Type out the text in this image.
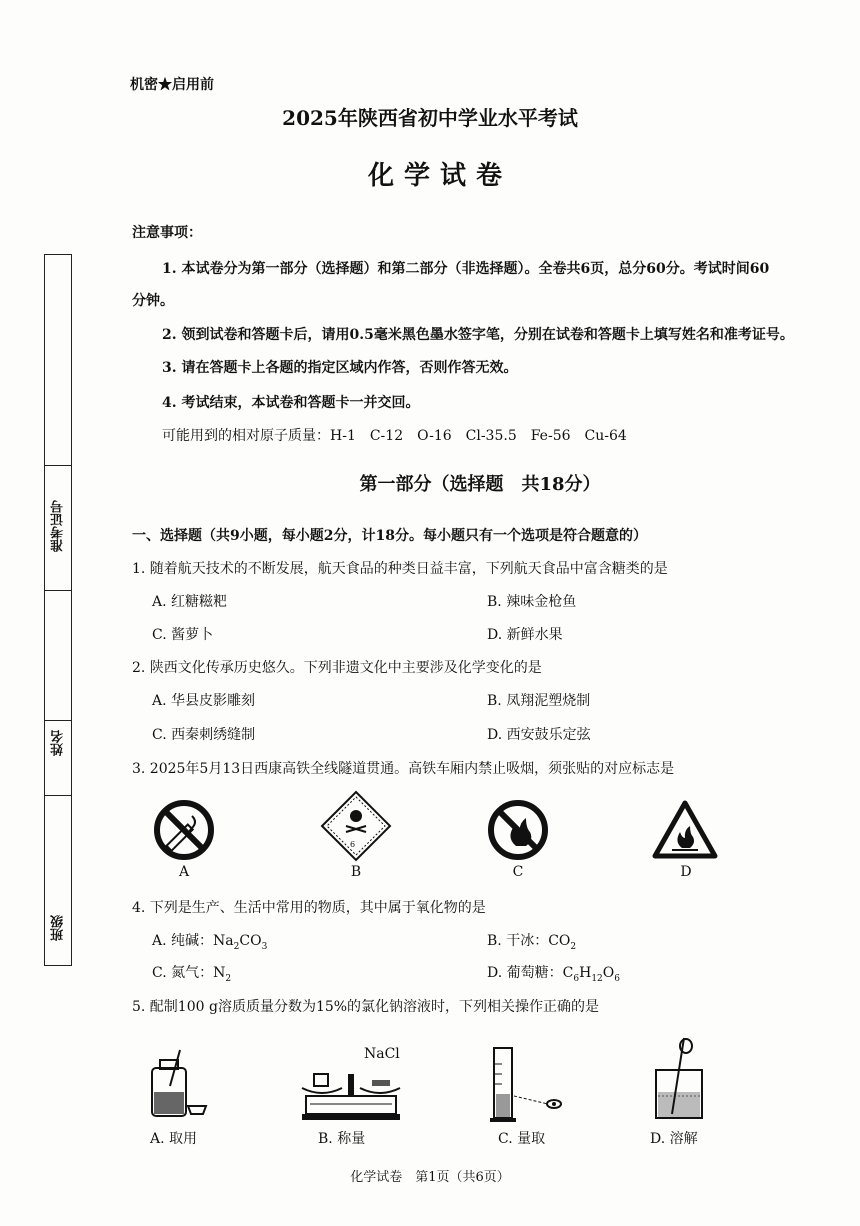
机密★启用前
2025年陕西省初中学业水平考试
化学试卷
准考证号
姓名
班级
注意事项：
1. 本试卷分为第一部分（选择题）和第二部分（非选择题）。全卷共6页，总分60分。考试时间60
分钟。
2. 领到试卷和答题卡后，请用0.5毫米黑色墨水签字笔，分别在试卷和答题卡上填写姓名和准考证号。
3. 请在答题卡上各题的指定区域内作答，否则作答无效。
4. 考试结束，本试卷和答题卡一并交回。
可能用到的相对原子质量：H-1　C-12　O-16　Cl-35.5　Fe-56　Cu-64
第一部分（选择题　共18分）
一、选择题（共9小题，每小题2分，计18分。每小题只有一个选项是符合题意的）
1. 随着航天技术的不断发展，航天食品的种类日益丰富，下列航天食品中富含糖类的是
A. 红糖糍粑	B. 辣味金枪鱼
C. 酱萝卜	D. 新鲜水果
2. 陕西文化传承历史悠久。下列非遗文化中主要涉及化学变化的是
A. 华县皮影雕刻	B. 凤翔泥塑烧制
C. 西秦刺绣缝制	D. 西安鼓乐定弦
3. 2025年5月13日西康高铁全线隧道贯通。高铁车厢内禁止吸烟，须张贴的对应标志是
A
6
B	C	D
4. 下列是生产、生活中常用的物质，其中属于氧化物的是
A. 纯碱：$Na_2CO_3$	B. 干冰：$CO_2$
C. 氮气：$N_2$	D. 葡萄糖：$C_6H_{12}O_6$
5. 配制100 g溶质质量分数为15%的氯化钠溶液时，下列相关操作正确的是
A. 取用
NaCl
B. 称量	C. 量取	D. 溶解
化学试卷　第1页（共6页）
